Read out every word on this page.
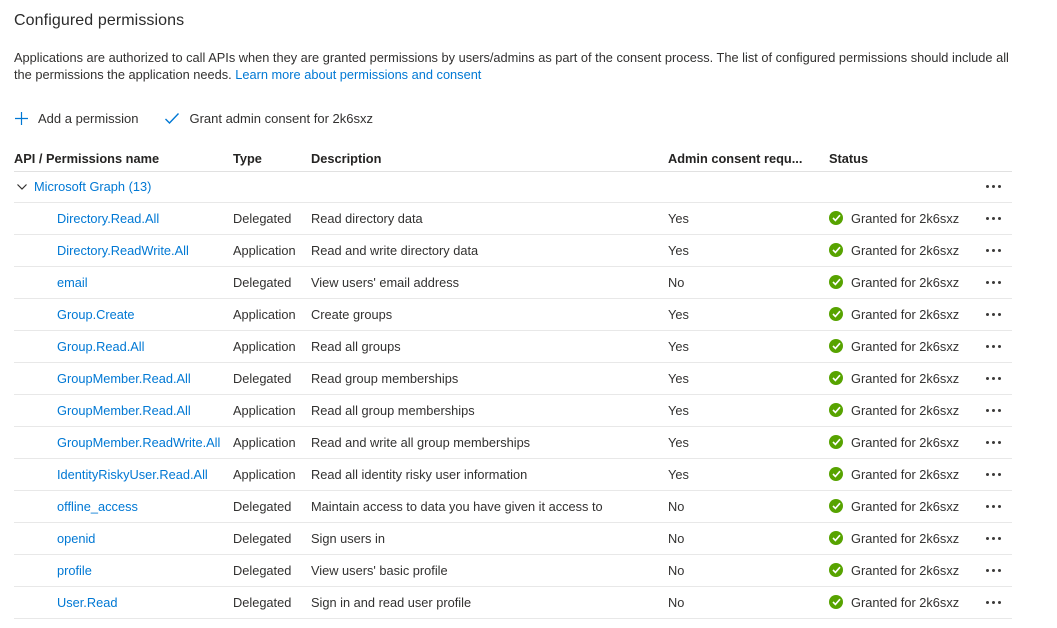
Configured permissions
Applications are authorized to call APIs when they are granted permissions by users/admins as part of the consent process. The list of configured permissions should include all the permissions the application needs. Learn more about permissions and consent
Add a permission	Grant admin consent for 2k6sxz
API / Permissions name	Type	Description	Admin consent requ...	Status
Microsoft Graph (13)
Directory.Read.All	Delegated	Read directory data	Yes	Granted for 2k6sxz
Directory.ReadWrite.All	Application	Read and write directory data	Yes	Granted for 2k6sxz
email	Delegated	View users' email address	No	Granted for 2k6sxz
Group.Create	Application	Create groups	Yes	Granted for 2k6sxz
Group.Read.All	Application	Read all groups	Yes	Granted for 2k6sxz
GroupMember.Read.All	Delegated	Read group memberships	Yes	Granted for 2k6sxz
GroupMember.Read.All	Application	Read all group memberships	Yes	Granted for 2k6sxz
GroupMember.ReadWrite.All Application	Read and write all group memberships	Yes	Granted for 2k6sxz
IdentityRiskyUser.Read.All	Application	Read all identity risky user information	Yes	Granted for 2k6sxz
offline_access	Delegated	Maintain access to data you have given it access to	No	Granted for 2k6sxz
openid	Delegated	Sign users in	No	Granted for 2k6sxz
profile	Delegated	View users' basic profile	No	Granted for 2k6sxz
User.Read	Delegated	Sign in and read user profile	No	Granted for 2k6sxz
